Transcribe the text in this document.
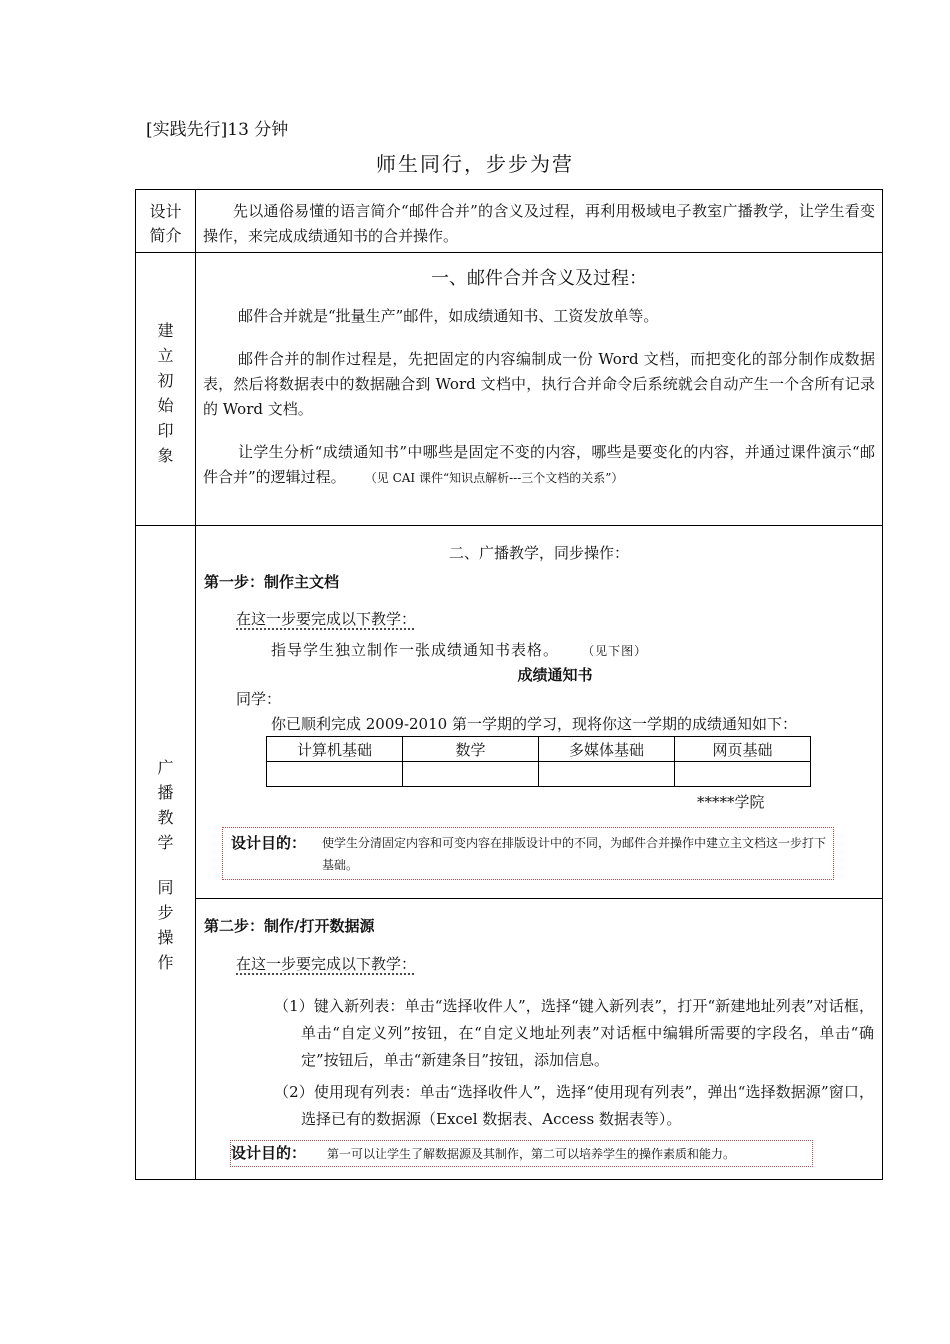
[实践先行]13 分钟
师生同行，步步为营
设计
简介
先以通俗易懂的语言简介“邮件合并”的含义及过程，再利用极域电子教室广播教学，让学生看变操作，来完成成绩通知书的合并操作。
建
立
初
始
印
象
一、邮件合并含义及过程：
邮件合并就是“批量生产”邮件，如成绩通知书、工资发放单等。
邮件合并的制作过程是，先把固定的内容编制成一份 Word 文档，而把变化的部分制作成数据表，然后将数据表中的数据融合到 Word 文档中，执行合并命令后系统就会自动产生一个含所有记录的 Word 文档。
让学生分析“成绩通知书”中哪些是固定不变的内容，哪些是要变化的内容，并通过课件演示“邮件合并”的逻辑过程。 （见 CAI 课件“知识点解析---三个文档的关系”）
广
播
教
学
同
步
操
作
二、广播教学，同步操作：
第一步：制作主文档
在这一步要完成以下教学：
指导学生独立制作一张成绩通知书表格。 （见下图）
成绩通知书
同学：
你已顺利完成 2009-2010 第一学期的学习，现将你这一学期的成绩通知如下：
计算机基础	数学	多媒体基础	网页基础

*****学院
设计目的： 使学生分清固定内容和可变内容在排版设计中的不同，为邮件合并操作中建立主文档这一步打下基础。
第二步：制作/打开数据源
在这一步要完成以下教学：
（1）键入新列表：单击“选择收件人”，选择“键入新列表”，打开“新建地址列表”对话框，单击“自定义列”按钮，在“自定义地址列表”对话框中编辑所需要的字段名，单击“确定”按钮后，单击“新建条目”按钮，添加信息。
（2）使用现有列表：单击“选择收件人”，选择“使用现有列表”，弹出“选择数据源”窗口，选择已有的数据源（Excel 数据表、Access 数据表等）。
设计目的： 第一可以让学生了解数据源及其制作，第二可以培养学生的操作素质和能力。
